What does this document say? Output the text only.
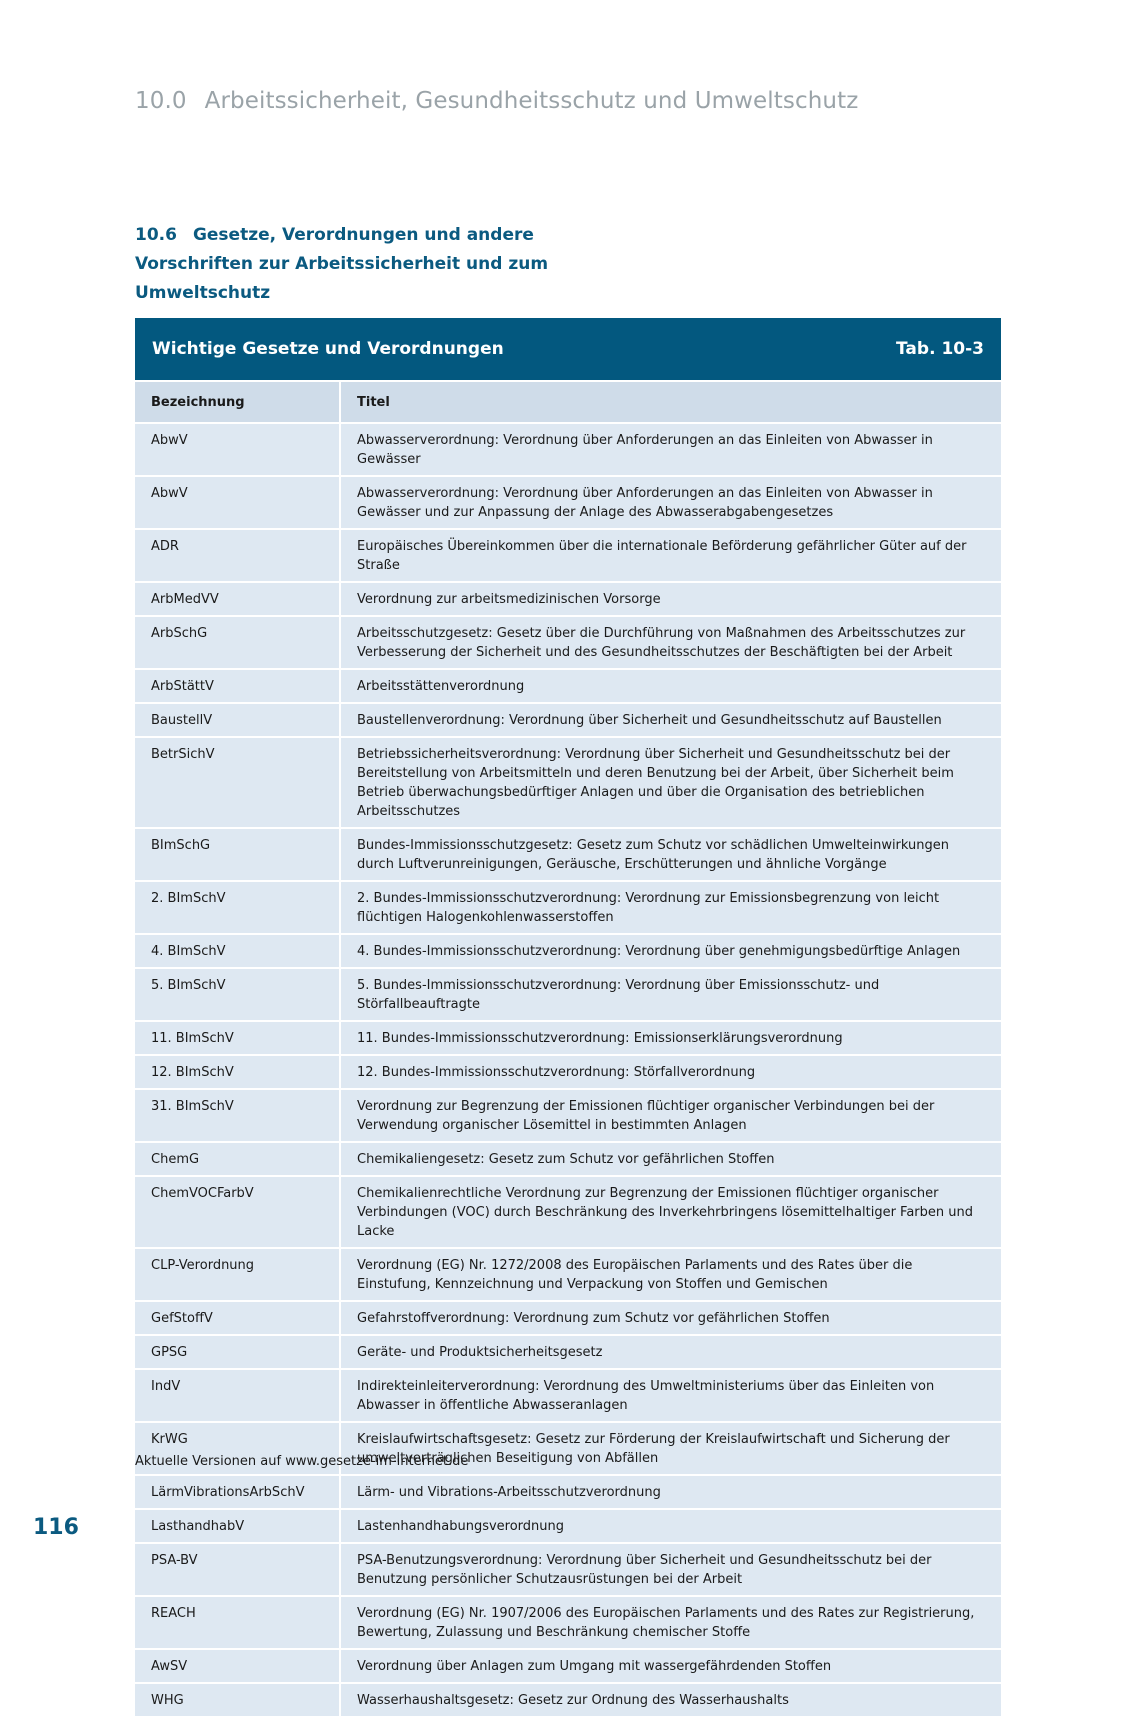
10.0 Arbeitssicherheit, Gesundheitsschutz und Umweltschutz
10.6 Gesetze, Verordnungen und andere
Vorschriften zur Arbeitssicherheit und zum
Umweltschutz
Wichtige Gesetze und Verordnungen	Tab. 10-3
Bezeichnung	Titel
AbwV	Abwasserverordnung: Verordnung über Anforderungen an das Einleiten von Abwasser in Gewässer
AbwV	Abwasserverordnung: Verordnung über Anforderungen an das Einleiten von Abwasser in Gewässer und zur Anpassung der Anlage des Abwasserabgabengesetzes
ADR	Europäisches Übereinkommen über die internationale Beförderung gefährlicher Güter auf der Straße
ArbMedVV	Verordnung zur arbeitsmedizinischen Vorsorge
ArbSchG	Arbeitsschutzgesetz: Gesetz über die Durchführung von Maßnahmen des Arbeitsschutzes zur Verbesserung der Sicherheit und des Gesundheitsschutzes der Beschäftigten bei der Arbeit
ArbStättV	Arbeitsstättenverordnung
BaustellV	Baustellenverordnung: Verordnung über Sicherheit und Gesundheitsschutz auf Baustellen
BetrSichV	Betriebssicherheitsverordnung: Verordnung über Sicherheit und Gesundheitsschutz bei der Bereitstellung von Arbeitsmitteln und deren Benutzung bei der Arbeit, über Sicherheit beim Betrieb überwachungsbedürftiger Anlagen und über die Organisation des betrieblichen Arbeitsschutzes
BImSchG	Bundes-Immissionsschutzgesetz: Gesetz zum Schutz vor schädlichen Umwelteinwirkungen durch Luftverunreinigungen, Geräusche, Erschütterungen und ähnliche Vorgänge
2. BImSchV	2. Bundes-Immissionsschutzverordnung: Verordnung zur Emissionsbegrenzung von leicht flüchtigen Halogenkohlenwasserstoffen
4. BImSchV	4. Bundes-Immissionsschutzverordnung: Verordnung über genehmigungsbedürftige Anlagen
5. BImSchV	5. Bundes-Immissionsschutzverordnung: Verordnung über Emissionsschutz- und Störfallbeauftragte
11. BImSchV	11. Bundes-Immissionsschutzverordnung: Emissionserklärungsverordnung
12. BImSchV	12. Bundes-Immissionsschutzverordnung: Störfallverordnung
31. BImSchV	Verordnung zur Begrenzung der Emissionen flüchtiger organischer Verbindungen bei der Verwendung organischer Lösemittel in bestimmten Anlagen
ChemG	Chemikaliengesetz: Gesetz zum Schutz vor gefährlichen Stoffen
ChemVOCFarbV	Chemikalienrechtliche Verordnung zur Begrenzung der Emissionen flüchtiger organischer Verbindungen (VOC) durch Beschränkung des Inverkehrbringens lösemittelhaltiger Farben und Lacke
CLP-Verordnung	Verordnung (EG) Nr. 1272/2008 des Europäischen Parlaments und des Rates über die Einstufung, Kennzeichnung und Verpackung von Stoffen und Gemischen
GefStoffV	Gefahrstoffverordnung: Verordnung zum Schutz vor gefährlichen Stoffen
GPSG	Geräte- und Produktsicherheitsgesetz
IndV	Indirekteinleiterverordnung: Verordnung des Umweltministeriums über das Einleiten von Abwasser in öffentliche Abwasseranlagen
KrWG	Kreislaufwirtschaftsgesetz: Gesetz zur Förderung der Kreislaufwirtschaft und Sicherung der umweltverträglichen Beseitigung von Abfällen
LärmVibrationsArbSchV	Lärm- und Vibrations-Arbeitsschutzverordnung
LasthandhabV	Lastenhandhabungsverordnung
PSA-BV	PSA-Benutzungsverordnung: Verordnung über Sicherheit und Gesundheitsschutz bei der Benutzung persönlicher Schutzausrüstungen bei der Arbeit
REACH	Verordnung (EG) Nr. 1907/2006 des Europäischen Parlaments und des Rates zur Registrierung, Bewertung, Zulassung und Beschränkung chemischer Stoffe
AwSV	Verordnung über Anlagen zum Umgang mit wassergefährdenden Stoffen
WHG	Wasserhaushaltsgesetz: Gesetz zur Ordnung des Wasserhaushalts
Aktuelle Versionen auf www.gesetze-im-internet.de
116
